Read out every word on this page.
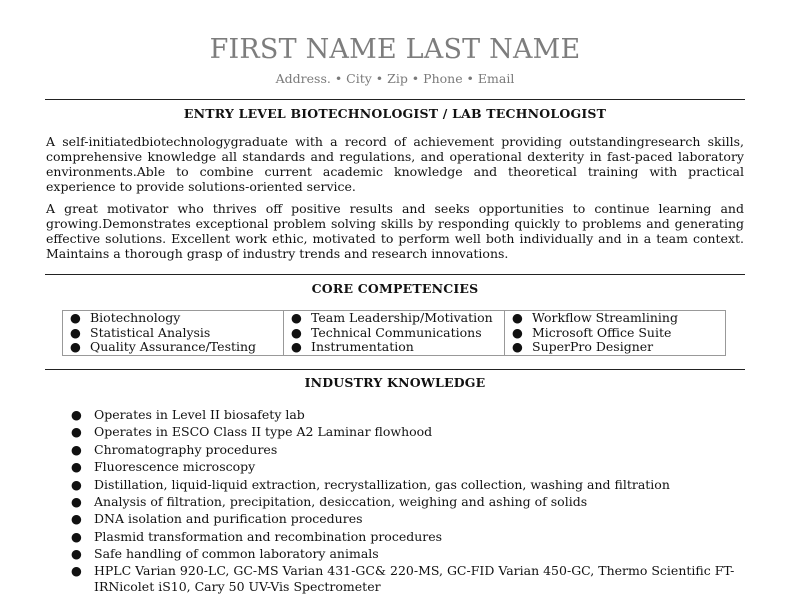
FIRST NAME LAST NAME
Address. • City • Zip • Phone • Email
ENTRY LEVEL BIOTECHNOLOGIST / LAB TECHNOLOGIST

A self-initiatedbiotechnologygraduate with a record of achievement providing outstandingresearch skills, comprehensive knowledge all standards and regulations, and operational dexterity in fast-paced laboratory environments.Able to combine current academic knowledge and theoretical training with practical experience to provide solutions-oriented service.

A great motivator who thrives off positive results and seeks opportunities to continue learning and growing.Demonstrates exceptional problem solving skills by responding quickly to problems and generating effective solutions. Excellent work ethic, motivated to perform well both individually and in a team context. Maintains a thorough grasp of industry trends and research innovations.

CORE COMPETENCIES
● Biotechnology
● Statistical Analysis
● Quality Assurance/Testing

● Team Leadership/Motivation
● Technical Communications
● Instrumentation

● Workflow Streamlining
● Microsoft Office Suite
● SuperPro Designer
INDUSTRY KNOWLEDGE
● Operates in Level II biosafety lab
● Operates in ESCO Class II type A2 Laminar flowhood
● Chromatography procedures
● Fluorescence microscopy
● Distillation, liquid-liquid extraction, recrystallization, gas collection, washing and filtration
● Analysis of filtration, precipitation, desiccation, weighing and ashing of solids
● DNA isolation and purification procedures
● Plasmid transformation and recombination procedures
● Safe handling of common laboratory animals
● HPLC Varian 920-LC, GC-MS Varian 431-GC& 220-MS, GC-FID Varian 450-GC, Thermo Scientific FT-IRNicolet iS10, Cary 50 UV-Vis Spectrometer
